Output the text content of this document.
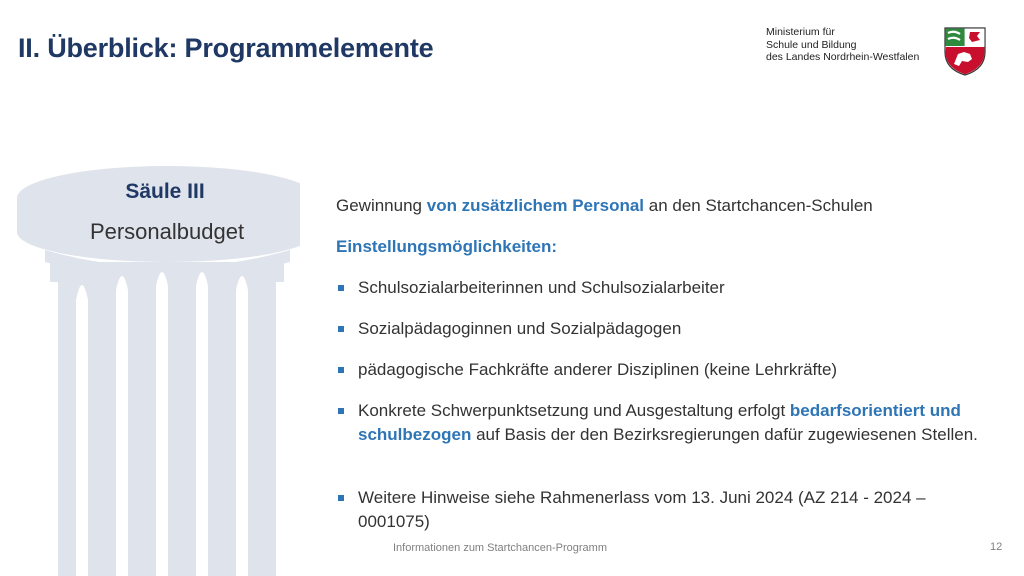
II. Überblick: Programmelemente
Ministerium für
Schule und Bildung
des Landes Nordrhein-Westfalen
Säule III
Personalbudget
Gewinnung von zusätzlichem Personal an den Startchancen-Schulen
Einstellungsmöglichkeiten:
Schulsozialarbeiterinnen und Schulsozialarbeiter
Sozialpädagoginnen und Sozialpädagogen
pädagogische Fachkräfte anderer Disziplinen (keine Lehrkräfte)
Konkrete Schwerpunktsetzung und Ausgestaltung erfolgt bedarfsorientiert und schulbezogen auf Basis der den Bezirksregierungen dafür zugewiesenen Stellen.
Weitere Hinweise siehe Rahmenerlass vom 13. Juni 2024 (AZ 214 - 2024 – 0001075)
Informationen zum Startchancen-Programm	12
